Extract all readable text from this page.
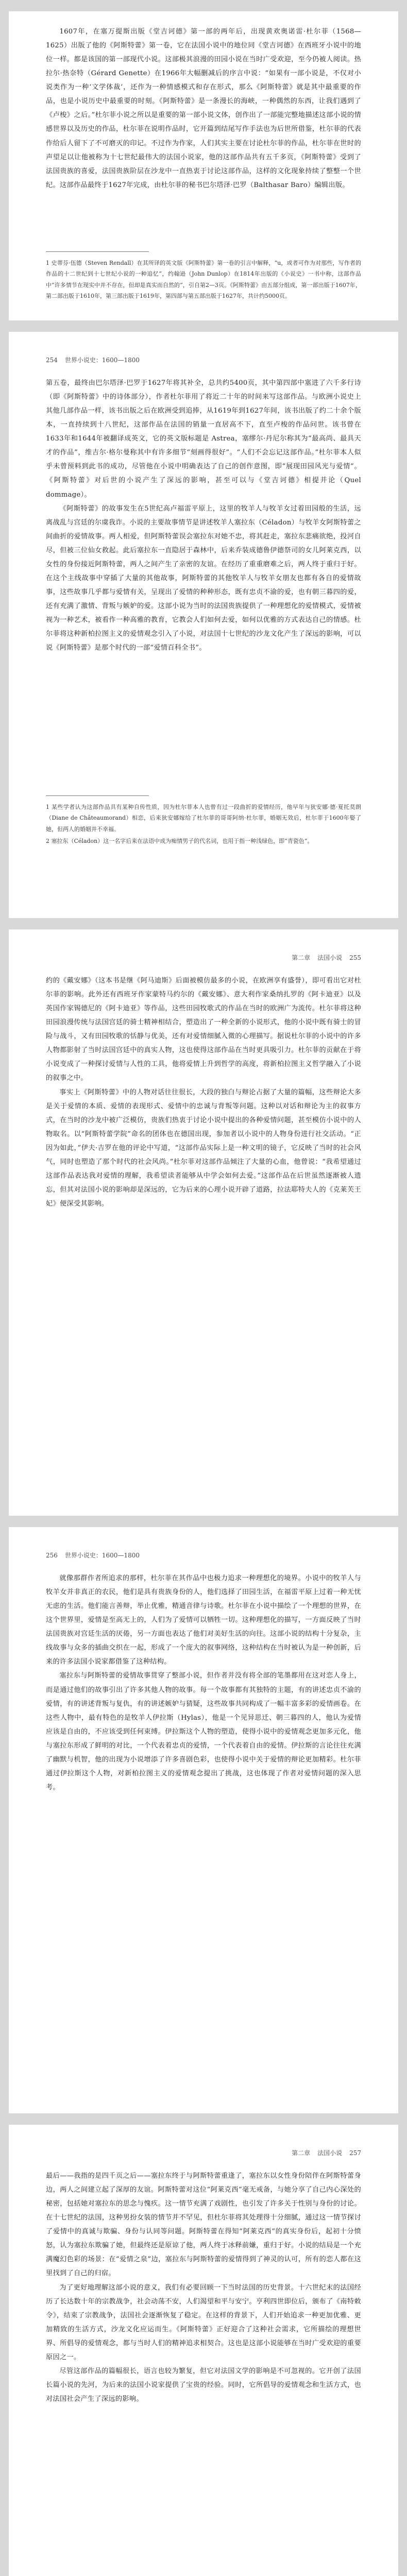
1607年，在塞万提斯出版《堂吉诃德》第一部的两年后，出现黄欢奥诺雷·杜尔菲（1568—1625）出版了他的《阿斯特蕾》第一卷，它在法国小说中的地位同《堂吉诃德》在西班牙小说中的地位一样。都是该国的第一部现代小说。这部极其浪漫的田园小说在当时广受欢迎，至今仍被人阅读。热拉尔·热奈特（Gérard Genette）在1966年大幅删减后的序言中说：“如果有一部小说是，不仅对小说类作为一种‘文学体裁’，还作为一种情感模式和存在形式，那么《阿斯特蕾》就是其中最重要的作品，也是小说历史中最重要的时刻。《阿斯特蕾》是一条漫长的海峡，一种偶然的东西，让我们遇到了《卢梭》之后。”杜尔菲小说之所以是重要的第一部小说文体，创作出了一部能完整地描述这部小说的情感世界以及历史的作品，杜尔菲在说明作品时，它开篇到结尾写作手法也为后世所借鉴，杜尔菲的代表作给后人留下了不可磨灭的印记。不过作为作家，人们其实主要在讨论杜尔菲的作品，杜尔菲在世时的声望足以让他被称为十七世纪最伟大的法国小说家，他的这部作品共有五千多页，《阿斯特蕾》受到了法国贵族的喜爱，法国贵族阶层在沙龙中一直热衷于讨论这部作品，这样的文化现象持续了整整一个世纪。这部作品最终于1627年完成，由杜尔菲的秘书巴尔塔泽·巴罗（Balthasar Baro）编辑出版。

1 史蒂芬·伍德（Steven Rendall）在其所译的英文版《阿斯特蕾》第一卷的引言中解释，“u，或者可作为对那些，写作者的作品的十二世纪到十七世纪小说的一种追忆”，约翰逊（John Dunlop）在1814年出版的《小说史》一书中称，这部作品中“许多情节在现实中并不存在，但却是真实而自然的”，引自第2—3页。《阿斯特蕾》由五部分组成，第一部出版于1607年，第二部出版于1610年，第三部出版于1619年，第四部与第五部出版于1627年，共计约5000页。

254 世界小说史：1600—1800

第五卷，最终由巴尔塔泽·巴罗于1627年将其补全，总共约5400页，其中第四部中塞进了六千多行诗（即《阿斯特蕾》中的诗体部分），作者杜尔菲用了将近二十年的时间来写这部作品。与欧洲小说史上其他几部作品一样，该书出版之后在欧洲受到追捧，从1619年到1627年间，该书出版了约二十余个版本，一直持续到十八世纪，这部作品在法国的销量一直居高不下，直至卢梭的作品问世。该书曾在1633年和1644年被翻译成英文，它的英文版标题是 Astrea，塞缪尔·丹尼尔称其为“最高尚、最具天才的作品”，维吉尔·格尔曼称其中有许多细节“刻画得很好”。“人们不会忘记这部作品。”杜尔菲本人似乎未曾预料到此书的成功，尽管他在小说中明确表达了自己的创作意图，即“展现田园风光与爱情”。《阿斯特蕾》对后世的小说产生了深远的影响，甚至可以与《堂吉诃德》相提并论（Quel dommage）。

《阿斯特蕾》的故事发生在5世纪高卢福雷平原上，这里的牧羊人与牧羊女过着田园般的生活，远离战乱与宫廷的尔虞我诈。小说的主要故事情节是讲述牧羊人塞拉东（Céladon）与牧羊女阿斯特蕾之间曲折的爱情故事。两人相爱，但阿斯特蕾误会塞拉东对她不忠，将其赶走，塞拉东悲痛欲绝，投河自尽，但被三位仙女救起。此后塞拉东一直隐居于森林中，后来乔装成德鲁伊德祭司的女儿阿莱克西，以女性的身份接近阿斯特蕾，两人之间产生了亲密的友谊。在经历了重重磨难之后，两人终于重归于好。在这个主线故事中穿插了大量的其他故事，阿斯特蕾的其他牧羊人与牧羊女朋友也都有各自的爱情故事，这些故事几乎都与爱情有关，呈现出了爱情的种种形态，既有忠贞不渝的爱，也有朝三暮四的爱，还有充满了激情、背叛与嫉妒的爱。这部小说为当时的法国贵族提供了一种理想化的爱情模式，爱情被视为一种艺术，被看作一种高雅的教育，它教会人们如何去爱，如何以优雅的方式表达自己的情感。杜尔菲将这种新柏拉图主义的爱情观念引入了小说，对法国十七世纪的沙龙文化产生了深远的影响，可以说《阿斯特蕾》是那个时代的一部“爱情百科全书”。

1 某些学者认为这部作品具有某种自传性质，因为杜尔菲本人也曾有过一段曲折的爱情经历，他早年与狄安娜·德·夏托莫朗（Diane de Châteaumorand）相恋，后来狄安娜嫁给了杜尔菲的哥哥阿纳·杜尔菲，婚姻无效后，杜尔菲于1600年娶了她，但两人的婚姻并不幸福。

2 塞拉东（Céladon）这一名字后来在法语中成为痴情男子的代名词，也用于指一种浅绿色，即“青瓷色”。

第二章 法国小说 255

约的《戴安娜》（这本书是继《阿马迪斯》后面被模仿最多的小说，在欧洲享有盛誉），即可看出它对杜尔菲的影响。此外还有西班牙作家蒙特马约尔的《戴安娜》、意大利作家桑纳扎罗的《阿卡迪亚》以及英国作家锡德尼的《阿卡迪亚》等作品，这些田园牧歌式的作品在当时的欧洲广为流传。杜尔菲将这种田园浪漫传统与法国宫廷的骑士精神相结合，塑造出了一种全新的小说形式，他的小说中既有骑士的冒险与战斗，又有田园牧歌的恬静与优美，还有对爱情细腻入微的心理描写。据说杜尔菲的小说中的许多人物都影射了当时法国宫廷中的真实人物，这也使得这部作品在当时更具吸引力。杜尔菲的贡献在于将小说变成了一种探讨爱情与人性的工具，他将爱情上升到哲学的高度，将新柏拉图主义哲学融入了小说的叙事之中。

事实上《阿斯特蕾》中的人物对话往往很长，大段的独白与辩论占据了大量的篇幅，这些辩论大多是关于爱情的本质、爱情的表现形式、爱情中的忠诚与背叛等问题。这种以对话和辩论为主的叙事方式，在当时的沙龙中被广泛模仿，贵族们热衷于讨论小说中提出的各种爱情问题，甚至模仿小说中的人物取名。以“阿斯特蕾学院”命名的团体也在德国出现，参加者以小说中的人物身份进行社交活动。“正因为如此，”伊夫·吉罗在他的评论中写道，“这部作品实际上是一种文明的镜子，它反映了当时的社会风气，同时也塑造了那个时代的社会风尚。”杜尔菲对这部作品倾注了大量的心血，他曾说：“我希望通过这部作品表达我对爱情的理解，我希望读者能够从中学会如何去爱。”这部作品在后世虽然逐渐被人遗忘，但其对法国小说的影响却是深远的，它为后来的心理小说开辟了道路，拉法耶特夫人的《克莱芙王妃》便深受其影响。

256 世界小说史：1600—1800

就像那群作者所追求的那样，杜尔菲在其作品中也极力追求一种理想化的境界。小说中的牧羊人与牧羊女并非真正的农民，他们是具有贵族身份的人，他们选择了田园生活，在福雷平原上过着一种无忧无虑的生活。他们能言善辩，举止优雅，精通音律与诗歌。杜尔菲在小说中描绘了一个理想的世界，在这个世界里，爱情是至高无上的，人们为了爱情可以牺牲一切。这种理想化的描写，一方面反映了当时法国贵族对宫廷生活的厌倦，另一方面也表达了他们对美好生活的向往。这部小说的结构十分复杂，主线故事与众多的插曲交织在一起，形成了一个庞大的叙事网络，这种结构在当时被认为是一种创新，后来的许多法国小说家都借鉴了这种结构。

塞拉东与阿斯特蕾的爱情故事贯穿了整部小说，但作者并没有将全部的笔墨都用在这对恋人身上，而是通过他们的故事引出了许多其他人物的故事。每一个故事都有其独特的主题，有的讲述忠贞不渝的爱情，有的讲述背叛与复仇，有的讲述嫉妒与猜疑，这些故事共同构成了一幅丰富多彩的爱情画卷。在这些人物中，最有特色的是牧羊人伊拉斯（Hylas），他是一个见异思迁、朝三暮四的人，他认为爱情应该是自由的，不应该受到任何束缚。伊拉斯这个人物的塑造，使得小说中的爱情观念更加多元化，他与塞拉东形成了鲜明的对比，一个代表着忠贞的爱情，一个代表着自由的爱情。伊拉斯的言论往往充满了幽默与机智，他的出现为小说增添了许多喜剧色彩，也使得小说中关于爱情的辩论更加精彩。杜尔菲通过伊拉斯这个人物，对新柏拉图主义的爱情观念提出了挑战，这也体现了作者对爱情问题的深入思考。

第二章 法国小说 257

最后——我指的是四千页之后——塞拉东终于与阿斯特蕾重逢了，塞拉东以女性身份陪伴在阿斯特蕾身边，两人之间建立起了深厚的友谊。阿斯特蕾对这位“阿莱克西”毫无戒备，与她分享了自己内心深处的秘密，包括她对塞拉东的思念与愧疚。这一情节充满了戏剧性，也引发了许多关于性别与身份的讨论。在十七世纪的法国，这种男扮女装的情节并不罕见，但杜尔菲将其处理得十分细腻，通过这一情节探讨了爱情中的真诚与欺骗、身份与认同等问题。阿斯特蕾在得知“阿莱克西”的真实身份后，起初十分愤怒，认为塞拉东欺骗了她，但最终还是原谅了他，两人终于冰释前嫌，重归于好。小说的结局是一个充满魔幻色彩的场景：在“爱情之泉”边，塞拉东与阿斯特蕾的爱情得到了神灵的认可，所有的恋人都在这里找到了自己的归宿。

为了更好地理解这部小说的意义，我们有必要回顾一下当时法国的历史背景。十六世纪末的法国经历了长达数十年的宗教战争，社会动荡不安，人们渴望和平与安宁。亨利四世即位后，颁布了《南特敕令》，结束了宗教战争，法国社会逐渐恢复了稳定。在这样的背景下，人们开始追求一种更加优雅、更加精致的生活方式，沙龙文化应运而生。《阿斯特蕾》正好迎合了这种社会需求，它所描绘的理想世界、所倡导的爱情观念，都与当时人们的精神追求相契合。这也是这部小说能够在当时广受欢迎的重要原因之一。

尽管这部作品的篇幅很长，语言也较为繁复，但它对法国文学的影响是不可忽视的。它开创了法国长篇小说的先河，为后来的法国小说家提供了宝贵的经验。同时，它所倡导的爱情观念和生活方式，也对法国社会产生了深远的影响。
